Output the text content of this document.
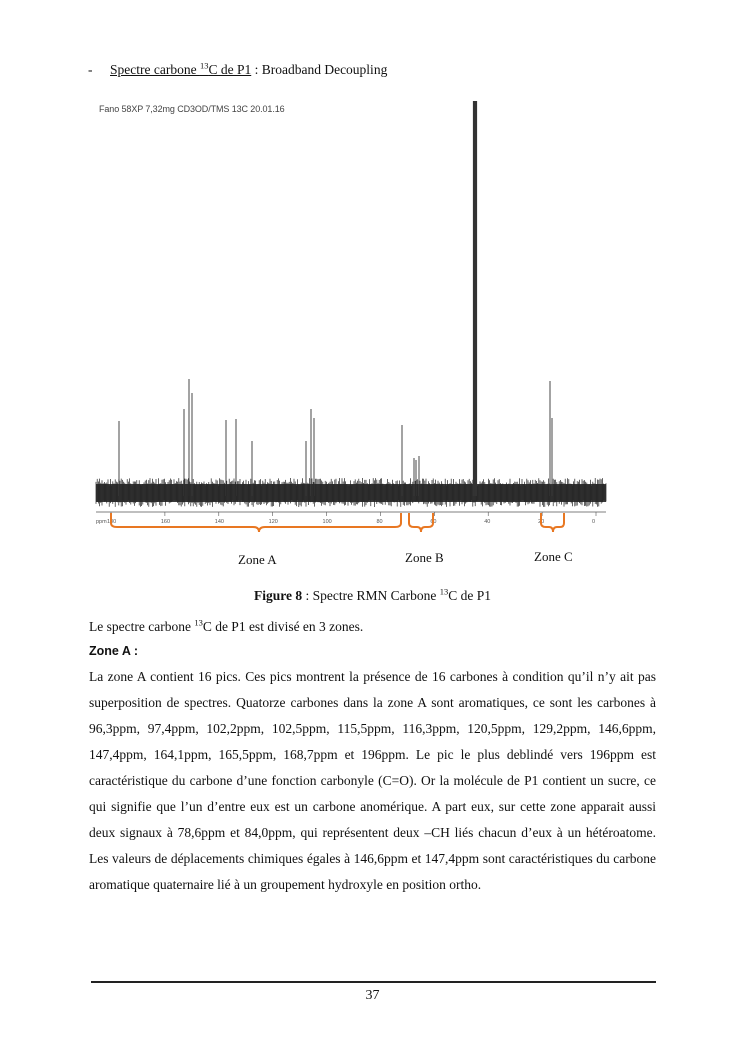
- Spectre carbone $^{13}$C de P1 : Broadband Decoupling
180	160	140	120	100	80	60	40	20	0
ppm
Fano 58XP 7,32mg CD3OD/TMS 13C 20.01.16
Zone A	Zone B	Zone C
Figure 8 : Spectre RMN Carbone $^{13}$C de P1
Le spectre carbone $^{13}$C de P1 est divisé en 3 zones.
Zone A :
La zone A contient 16 pics. Ces pics montrent la présence de 16 carbones à condition qu’il n’y ait pas superposition de spectres. Quatorze carbones dans la zone A sont aromatiques, ce sont les carbones à 96,3ppm, 97,4ppm, 102,2ppm, 102,5ppm, 115,5ppm, 116,3ppm, 120,5ppm, 129,2ppm, 146,6ppm, 147,4ppm, 164,1ppm, 165,5ppm, 168,7ppm et 196ppm. Le pic le plus deblindé vers 196ppm est caractéristique du carbone d’une fonction carbonyle (C=O). Or la molécule de P1 contient un sucre, ce qui signifie que l’un d’entre eux est un carbone anomérique. A part eux, sur cette zone apparait aussi deux signaux à 78,6ppm et 84,0ppm, qui représentent deux –CH liés chacun d’eux à un hétéroatome. Les valeurs de déplacements chimiques égales à 146,6ppm et 147,4ppm sont caractéristiques du carbone aromatique quaternaire lié à un groupement hydroxyle en position ortho.
37
